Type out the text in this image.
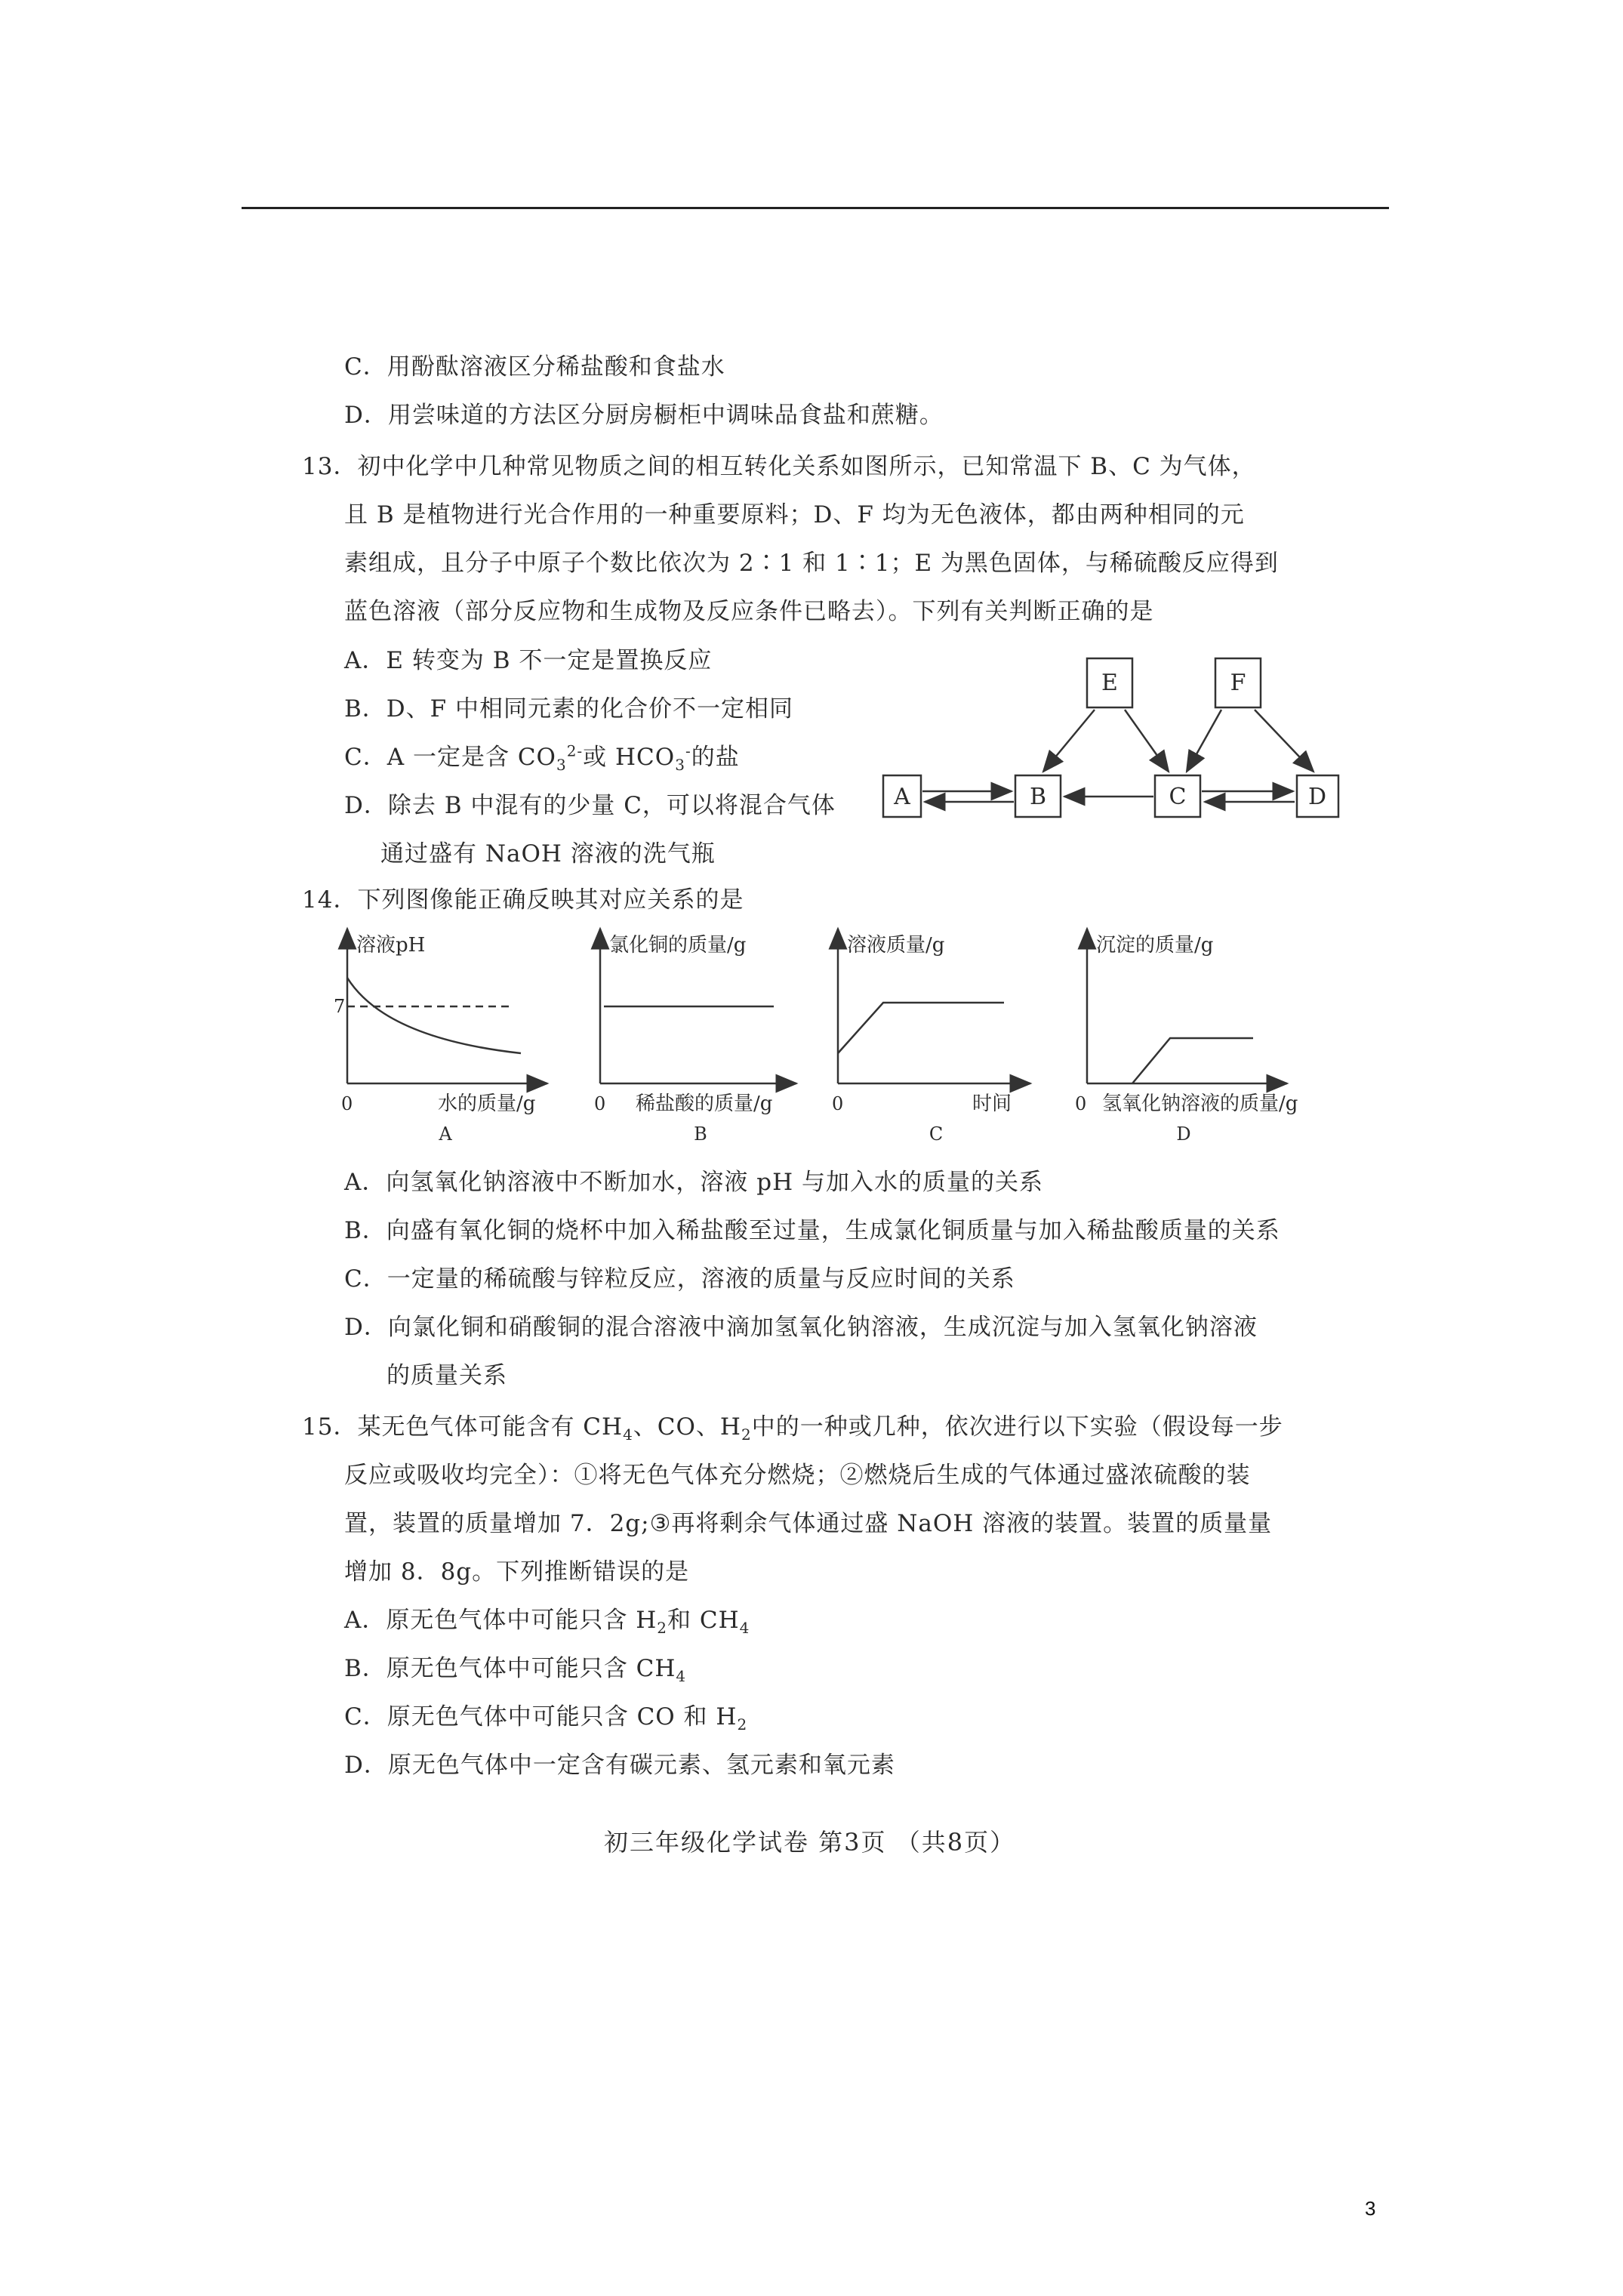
C．用酚酞溶液区分稀盐酸和食盐水
D．用尝味道的方法区分厨房橱柜中调味品食盐和蔗糖。
13．初中化学中几种常见物质之间的相互转化关系如图所示，已知常温下 B、C 为气体，
且 B 是植物进行光合作用的一种重要原料；D、F 均为无色液体，都由两种相同的元
素组成，且分子中原子个数比依次为 2∶1 和 1∶1；E 为黑色固体，与稀硫酸反应得到
蓝色溶液（部分反应物和生成物及反应条件已略去）。下列有关判断正确的是
A．E 转变为 B 不一定是置换反应
B．D、F 中相同元素的化合价不一定相同
C．A 一定是含 $CO_3^{2-}$或 $HCO_3^-$的盐
D．除去 B 中混有的少量 C，可以将混合气体
通过盛有 NaOH 溶液的洗气瓶
E	F
A	B	C	D
14．下列图像能正确反映其对应关系的是
溶液pH
7
0	水的质量/g
A
氯化铜的质量/g
0 稀盐酸的质量/g
B
溶液质量/g
0	时间
C
沉淀的质量/g
0 氢氧化钠溶液的质量/g
D
A．向氢氧化钠溶液中不断加水，溶液 pH 与加入水的质量的关系
B．向盛有氧化铜的烧杯中加入稀盐酸至过量，生成氯化铜质量与加入稀盐酸质量的关系
C．一定量的稀硫酸与锌粒反应，溶液的质量与反应时间的关系
D．向氯化铜和硝酸铜的混合溶液中滴加氢氧化钠溶液，生成沉淀与加入氢氧化钠溶液
的质量关系
15．某无色气体可能含有 $CH_4$、CO、$H_2$中的一种或几种，依次进行以下实验（假设每一步
反应或吸收均完全）：①将无色气体充分燃烧；②燃烧后生成的气体通过盛浓硫酸的装
置，装置的质量增加 7．2g;③再将剩余气体通过盛 NaOH 溶液的装置。装置的质量量
增加 8．8g。下列推断错误的是
A．原无色气体中可能只含 $H_2$和 $CH_4$
B．原无色气体中可能只含 $CH_4$
C．原无色气体中可能只含 CO 和 $H_2$
D．原无色气体中一定含有碳元素、氢元素和氧元素
初三年级化学试卷 第3页 （共8页）
3
